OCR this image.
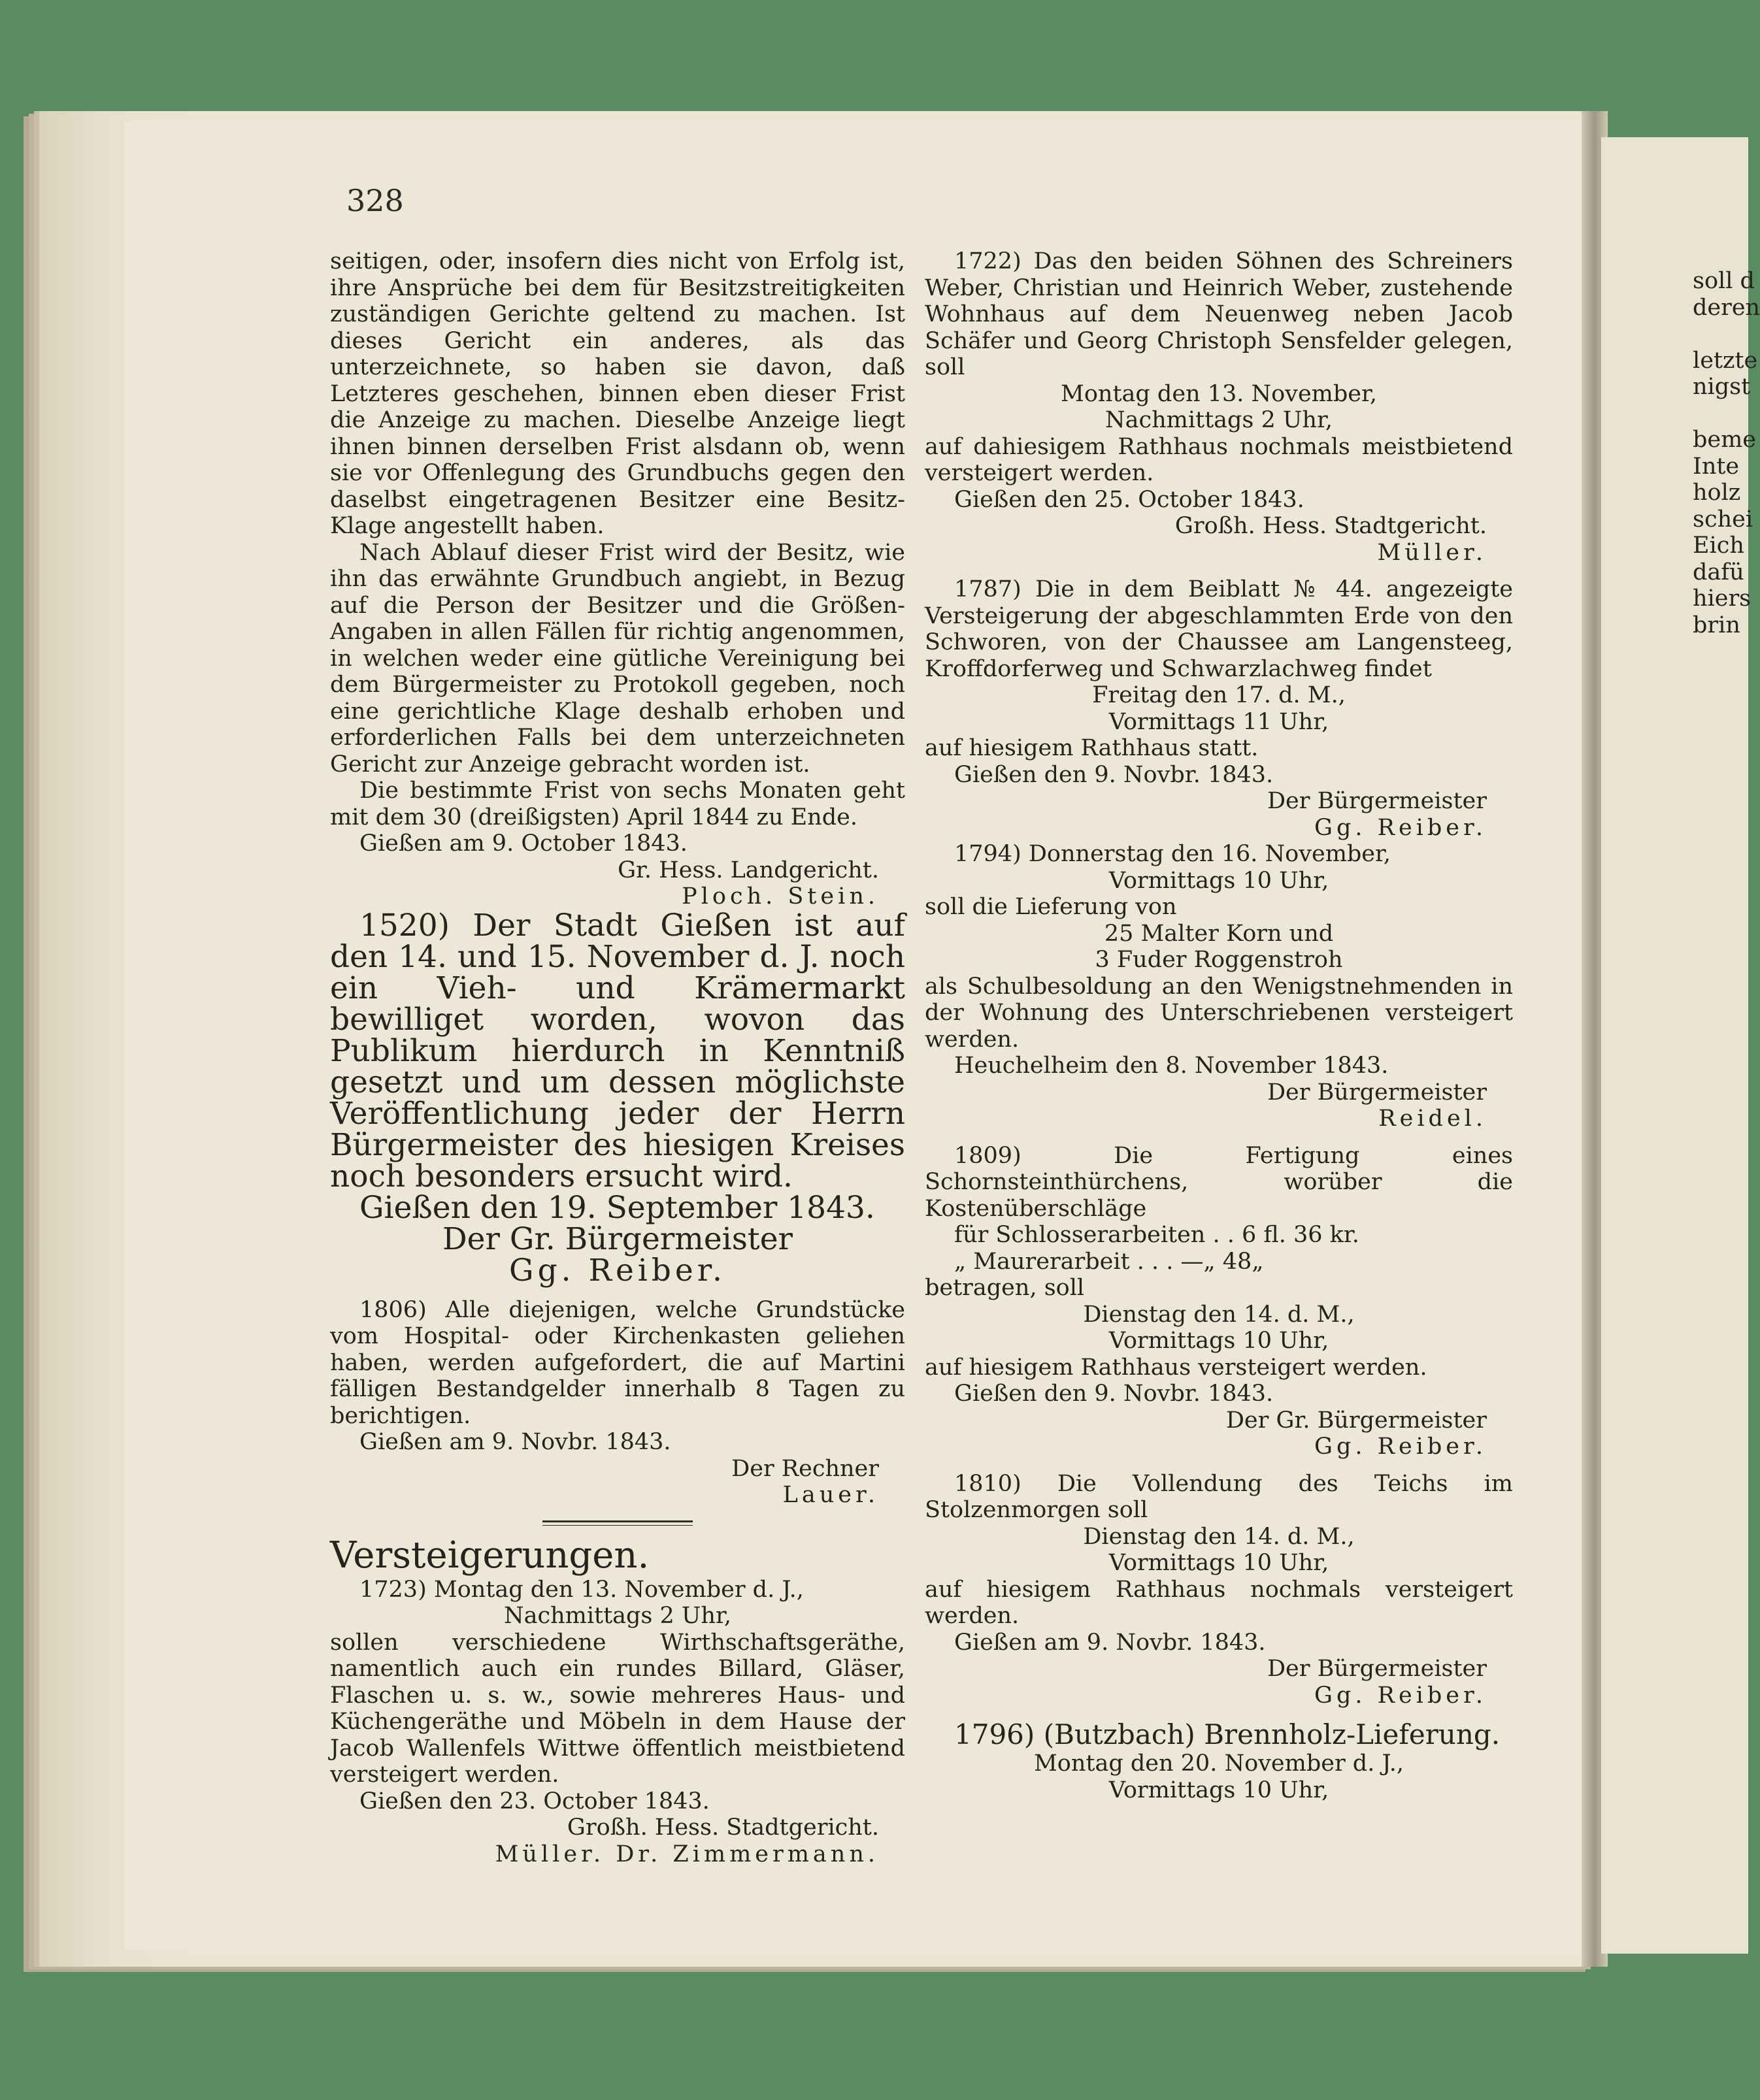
328

seitigen, oder, insofern dies nicht von Erfolg ist, ihre Ansprüche bei dem für Besitzstreitigkeiten zuständigen Gerichte geltend zu machen. Ist dieses Gericht ein anderes, als das unterzeichnete, so haben sie davon, daß Letzteres geschehen, binnen eben dieser Frist die Anzeige zu machen. Dieselbe Anzeige liegt ihnen binnen derselben Frist alsdann ob, wenn sie vor Offenlegung des Grundbuchs gegen den daselbst eingetragenen Besitzer eine Besitz-Klage angestellt haben.

Nach Ablauf dieser Frist wird der Besitz, wie ihn das erwähnte Grundbuch angiebt, in Bezug auf die Person der Besitzer und die Größen-Angaben in allen Fällen für richtig angenommen, in welchen weder eine gütliche Vereinigung bei dem Bürgermeister zu Protokoll gegeben, noch eine gerichtliche Klage deshalb erhoben und erforderlichen Falls bei dem unterzeichneten Gericht zur Anzeige gebracht worden ist.

Die bestimmte Frist von sechs Monaten geht mit dem 30 (dreißigsten) April 1844 zu Ende.

Gießen am 9. October 1843.

Gr. Hess. Landgericht.

Ploch. Stein.

1520) Der Stadt Gießen ist auf den 14. und 15. November d. J. noch ein Vieh- und Krämermarkt bewilliget worden, wovon das Publikum hierdurch in Kenntniß gesetzt und um dessen möglichste Veröffentlichung jeder der Herrn Bürgermeister des hiesigen Kreises noch besonders ersucht wird.

Gießen den 19. September 1843.

Der Gr. Bürgermeister

Gg. Reiber.

1806) Alle diejenigen, welche Grundstücke vom Hospital- oder Kirchenkasten geliehen haben, werden aufgefordert, die auf Martini fälligen Bestandgelder innerhalb 8 Tagen zu berichtigen.

Gießen am 9. Novbr. 1843.

Der Rechner

Lauer.

Versteigerungen.

1723) Montag den 13. November d. J.,

Nachmittags 2 Uhr,

sollen verschiedene Wirthschaftsgeräthe, namentlich auch ein rundes Billard, Gläser, Flaschen u. s. w., sowie mehreres Haus- und Küchengeräthe und Möbeln in dem Hause der Jacob Wallenfels Wittwe öffentlich meistbietend versteigert werden.

Gießen den 23. October 1843.

Großh. Hess. Stadtgericht.

Müller. Dr. Zimmermann.

1722) Das den beiden Söhnen des Schreiners Weber, Christian und Heinrich Weber, zustehende Wohnhaus auf dem Neuenweg neben Jacob Schäfer und Georg Christoph Sensfelder gelegen, soll

Montag den 13. November,

Nachmittags 2 Uhr,

auf dahiesigem Rathhaus nochmals meistbietend versteigert werden.

Gießen den 25. October 1843.

Großh. Hess. Stadtgericht.

Müller.

1787) Die in dem Beiblatt № 44. angezeigte Versteigerung der abgeschlammten Erde von den Schworen, von der Chaussee am Langensteeg, Kroffdorferweg und Schwarzlachweg findet

Freitag den 17. d. M.,

Vormittags 11 Uhr,

auf hiesigem Rathhaus statt.

Gießen den 9. Novbr. 1843.

Der Bürgermeister

Gg. Reiber.

1794) Donnerstag den 16. November,

Vormittags 10 Uhr,

soll die Lieferung von

25 Malter Korn und

3 Fuder Roggenstroh

als Schulbesoldung an den Wenigstnehmenden in der Wohnung des Unterschriebenen versteigert werden.

Heuchelheim den 8. November 1843.

Der Bürgermeister

Reidel.

1809) Die Fertigung eines Schornsteinthürchens, worüber die Kostenüberschläge

für Schlosserarbeiten . . 6 fl. 36 kr.

„ Maurerarbeit . . . —„ 48„

betragen, soll

Dienstag den 14. d. M.,

Vormittags 10 Uhr,

auf hiesigem Rathhaus versteigert werden.

Gießen den 9. Novbr. 1843.

Der Gr. Bürgermeister

Gg. Reiber.

1810) Die Vollendung des Teichs im Stolzenmorgen soll

Dienstag den 14. d. M.,

Vormittags 10 Uhr,

auf hiesigem Rathhaus nochmals versteigert werden.

Gießen am 9. Novbr. 1843.

Der Bürgermeister

Gg. Reiber.

1796) (Butzbach) Brennholz-Lieferung.

Montag den 20. November d. J.,

Vormittags 10 Uhr,

soll d
deren
letzte
nigst
beme
Inte
holz
schei
Eich
dafü
hiers
brin
